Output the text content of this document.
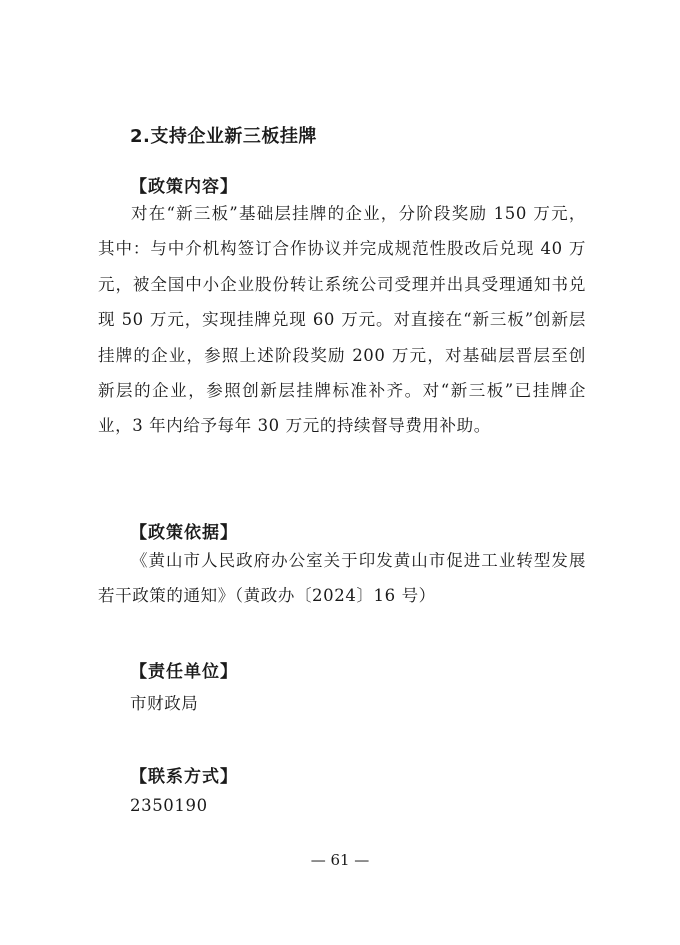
2.支持企业新三板挂牌
【政策内容】

对在“新三板”基础层挂牌的企业，分阶段奖励 150 万元，其中：与中介机构签订合作协议并完成规范性股改后兑现 40 万元，被全国中小企业股份转让系统公司受理并出具受理通知书兑现 50 万元，实现挂牌兑现 60 万元。对直接在“新三板”创新层挂牌的企业，参照上述阶段奖励 200 万元，对基础层晋层至创新层的企业，参照创新层挂牌标准补齐。对“新三板”已挂牌企业，3 年内给予每年 30 万元的持续督导费用补助。

【政策依据】

《黄山市人民政府办公室关于印发黄山市促进工业转型发展若干政策的通知》（黄政办〔2024〕16 号）

【责任单位】
市财政局
【联系方式】
2350190
— 61 —
